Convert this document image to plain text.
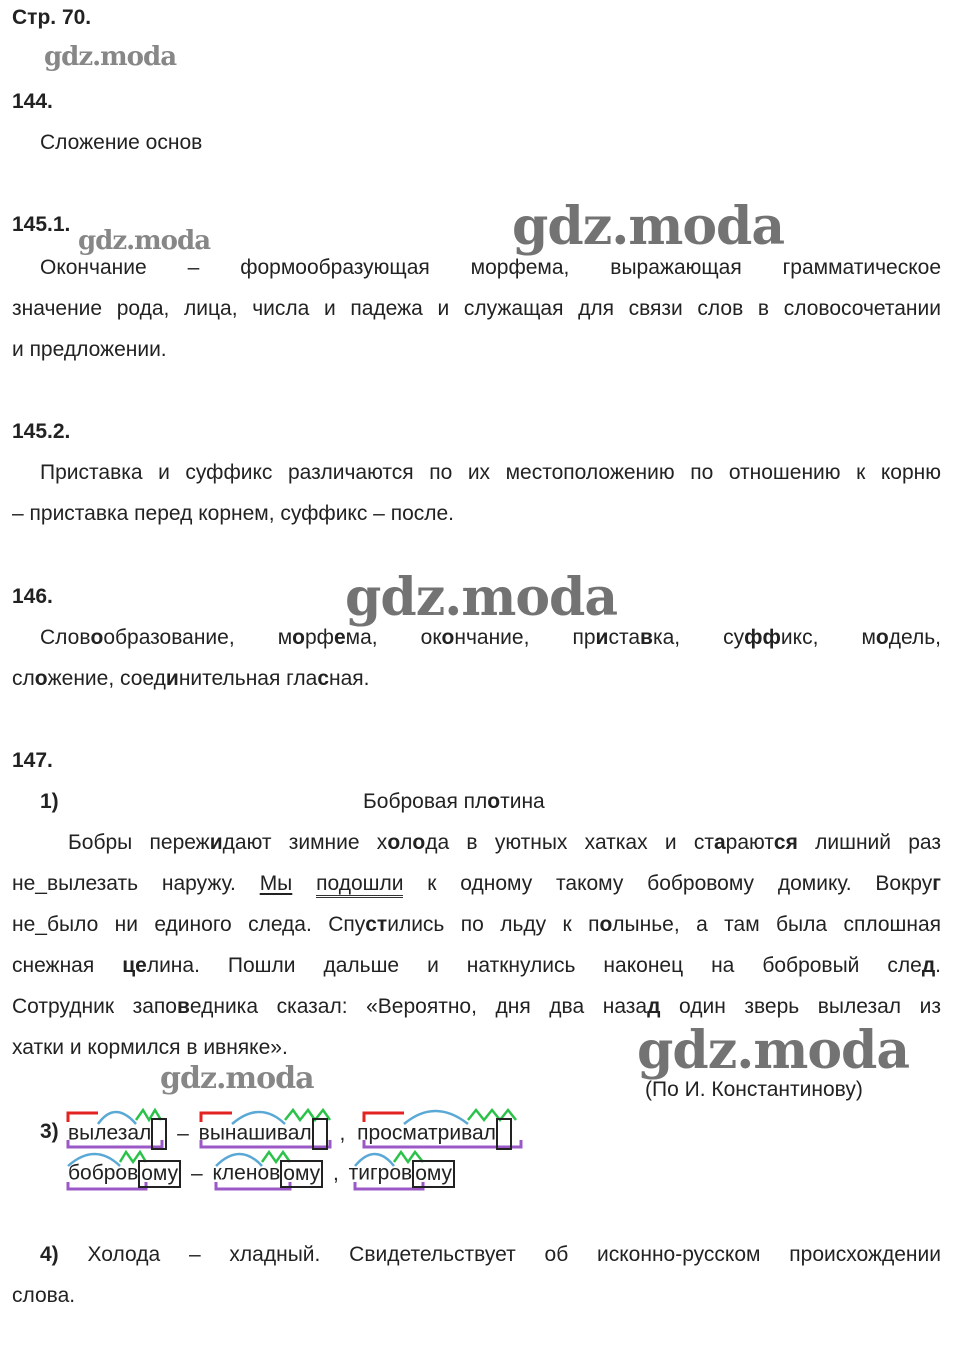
Стр. 70.
gdz.moda
gdz.moda	gdz.moda
gdz.moda
gdz.moda
gdz.moda
144.
Сложение основ
145.1.
Окончание – формообразующая морфема, выражающая грамматическое
значение рода, лица, числа и падежа и служащая для связи слов в словосочетании
и предложении.
145.2.
Приставка и суффикс различаются по их местоположению по отношению к корню
– приставка перед корнем, суффикс – после.
146.
Словообразование, морфема, окончание, приставка, суффикс, модель,
сложение, соединительная гласная.
147.
1)	Бобровая плотина
Бобры пережидают зимние холода в уютных хатках и стараются лишний раз
не_вылезать наружу. Мы подошли к одному такому бобровому домику. Вокруг
не_было ни единого следа. Спустились по льду к полынье, а там была сплошная
снежная целина. Пошли дальше и наткнулись наконец на бобровый след.
Сотрудник заповедника сказал: «Вероятно, дня два назад один зверь вылезал из
хатки и кормился в ивняке».
(По И. Константинову)
3) вылезал – вынашивал , просматривал
бобров ому – кленов ому , тигров ому
4) Холода – хладный. Свидетельствует об исконно-русском происхождении
слова.
